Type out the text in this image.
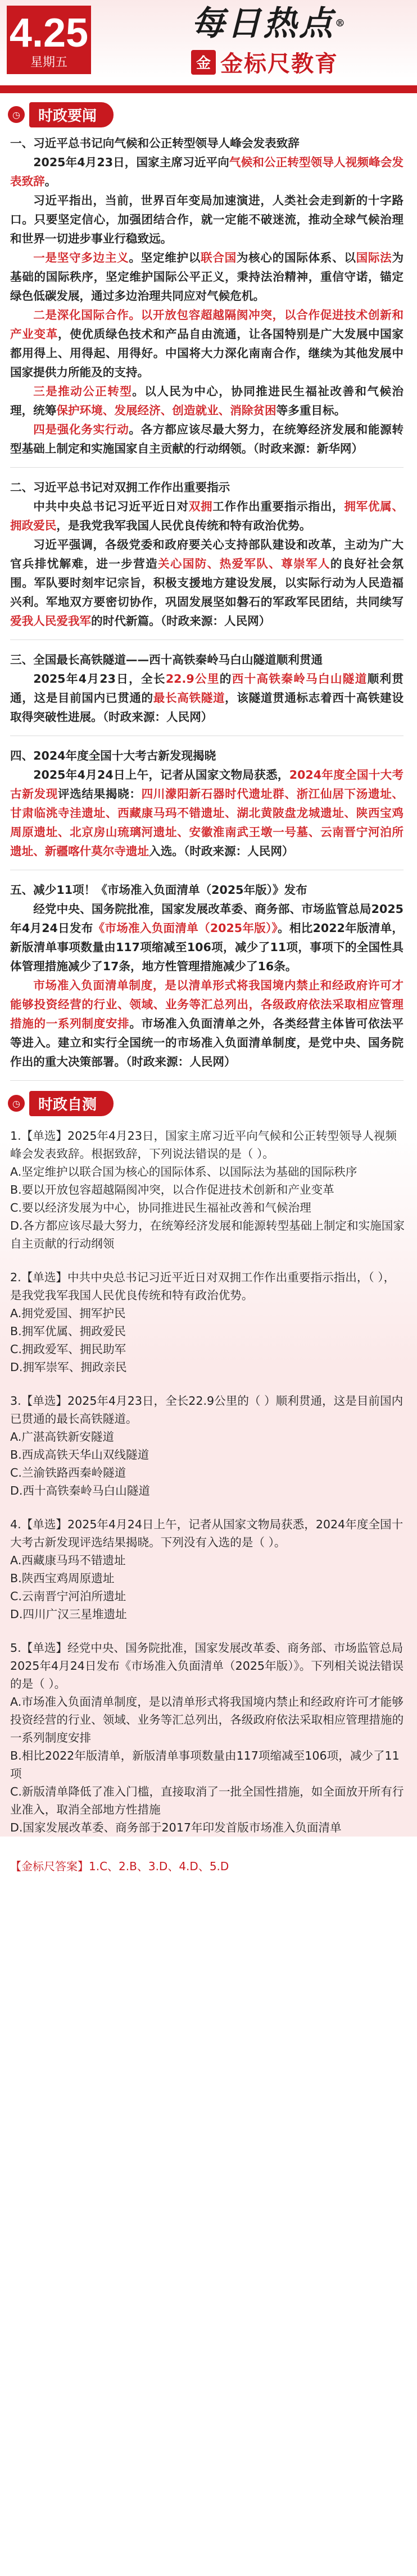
4.25
星期五
每日热点®
金 金标尺教育
◷	时政要闻

一、习近平总书记向气候和公正转型领导人峰会发表致辞

2025年4月23日，国家主席习近平向气候和公正转型领导人视频峰会发表致辞。

习近平指出，当前，世界百年变局加速演进，人类社会走到新的十字路口。只要坚定信心，加强团结合作，就一定能不破迷流，推动全球气候治理和世界一切进步事业行稳致远。

一是坚守多边主义。坚定维护以联合国为核心的国际体系、以国际法为基础的国际秩序，坚定维护国际公平正义，秉持法治精神，重信守诺，锚定绿色低碳发展，通过多边治理共同应对气候危机。

二是深化国际合作。以开放包容超越隔阂冲突，以合作促进技术创新和产业变革，使优质绿色技术和产品自由流通，让各国特别是广大发展中国家都用得上、用得起、用得好。中国将大力深化南南合作，继续为其他发展中国家提供力所能及的支持。

三是推动公正转型。以人民为中心，协同推进民生福祉改善和气候治理，统筹保护环境、发展经济、创造就业、消除贫困等多重目标。

四是强化务实行动。各方都应该尽最大努力，在统筹经济发展和能源转型基础上制定和实施国家自主贡献的行动纲领。（时政来源：新华网）

二、习近平总书记对双拥工作作出重要指示

中共中央总书记习近平近日对双拥工作作出重要指示指出，拥军优属、拥政爱民，是我党我军我国人民优良传统和特有政治优势。

习近平强调，各级党委和政府要关心支持部队建设和改革，主动为广大官兵排忧解难，进一步营造关心国防、热爱军队、尊崇军人的良好社会氛围。军队要时刻牢记宗旨，积极支援地方建设发展，以实际行动为人民造福兴利。军地双方要密切协作，巩固发展坚如磐石的军政军民团结，共同续写爱我人民爱我军的时代新篇。（时政来源：人民网）

三、全国最长高铁隧道——西十高铁秦岭马白山隧道顺利贯通

2025年4月23日，全长22.9公里的西十高铁秦岭马白山隧道顺利贯通，这是目前国内已贯通的最长高铁隧道，该隧道贯通标志着西十高铁建设取得突破性进展。（时政来源：人民网）

四、2024年度全国十大考古新发现揭晓

2025年4月24日上午，记者从国家文物局获悉，2024年度全国十大考古新发现评选结果揭晓：四川濛阳新石器时代遗址群、浙江仙居下汤遗址、甘肃临洮寺洼遗址、西藏康马玛不错遗址、湖北黄陂盘龙城遗址、陕西宝鸡周原遗址、北京房山琉璃河遗址、安徽淮南武王墩一号墓、云南晋宁河泊所遗址、新疆喀什莫尔寺遗址入选。（时政来源：人民网）

五、减少11项！《市场准入负面清单（2025年版）》发布

经党中央、国务院批准，国家发展改革委、商务部、市场监管总局2025年4月24日发布《市场准入负面清单（2025年版）》。相比2022年版清单，新版清单事项数量由117项缩减至106项，减少了11项，事项下的全国性具体管理措施减少了17条，地方性管理措施减少了16条。

市场准入负面清单制度，是以清单形式将我国境内禁止和经政府许可才能够投资经营的行业、领域、业务等汇总列出，各级政府依法采取相应管理措施的一系列制度安排。市场准入负面清单之外，各类经营主体皆可依法平等进入。建立和实行全国统一的市场准入负面清单制度，是党中央、国务院作出的重大决策部署。（时政来源：人民网）

◷	时政自测

1.【单选】2025年4月23日，国家主席习近平向气候和公正转型领导人视频峰会发表致辞。根据致辞，下列说法错误的是（ ）。

A.坚定维护以联合国为核心的国际体系、以国际法为基础的国际秩序

B.要以开放包容超越隔阂冲突，以合作促进技术创新和产业变革

C.要以经济发展为中心，协同推进民生福祉改善和气候治理

D.各方都应该尽最大努力，在统筹经济发展和能源转型基础上制定和实施国家自主贡献的行动纲领

2.【单选】中共中央总书记习近平近日对双拥工作作出重要指示指出，（ ），是我党我军我国人民优良传统和特有政治优势。

A.拥党爱国、拥军护民

B.拥军优属、拥政爱民

C.拥政爱军、拥民助军

D.拥军崇军、拥政亲民

3.【单选】2025年4月23日，全长22.9公里的（ ）顺利贯通，这是目前国内已贯通的最长高铁隧道。

A.广湛高铁新安隧道

B.西成高铁天华山双线隧道

C.兰渝铁路西秦岭隧道

D.西十高铁秦岭马白山隧道

4.【单选】2025年4月24日上午，记者从国家文物局获悉，2024年度全国十大考古新发现评选结果揭晓。下列没有入选的是（ ）。

A.西藏康马玛不错遗址

B.陕西宝鸡周原遗址

C.云南晋宁河泊所遗址

D.四川广汉三星堆遗址

5.【单选】经党中央、国务院批准，国家发展改革委、商务部、市场监管总局2025年4月24日发布《市场准入负面清单（2025年版）》。下列相关说法错误的是（ ）。

A.市场准入负面清单制度，是以清单形式将我国境内禁止和经政府许可才能够投资经营的行业、领域、业务等汇总列出，各级政府依法采取相应管理措施的一系列制度安排

B.相比2022年版清单，新版清单事项数量由117项缩减至106项，减少了11项

C.新版清单降低了准入门槛，直接取消了一批全国性措施，如全面放开所有行业准入，取消全部地方性措施

D.国家发展改革委、商务部于2017年印发首版市场准入负面清单

【金标尺答案】1.C、2.B、3.D、4.D、5.D
